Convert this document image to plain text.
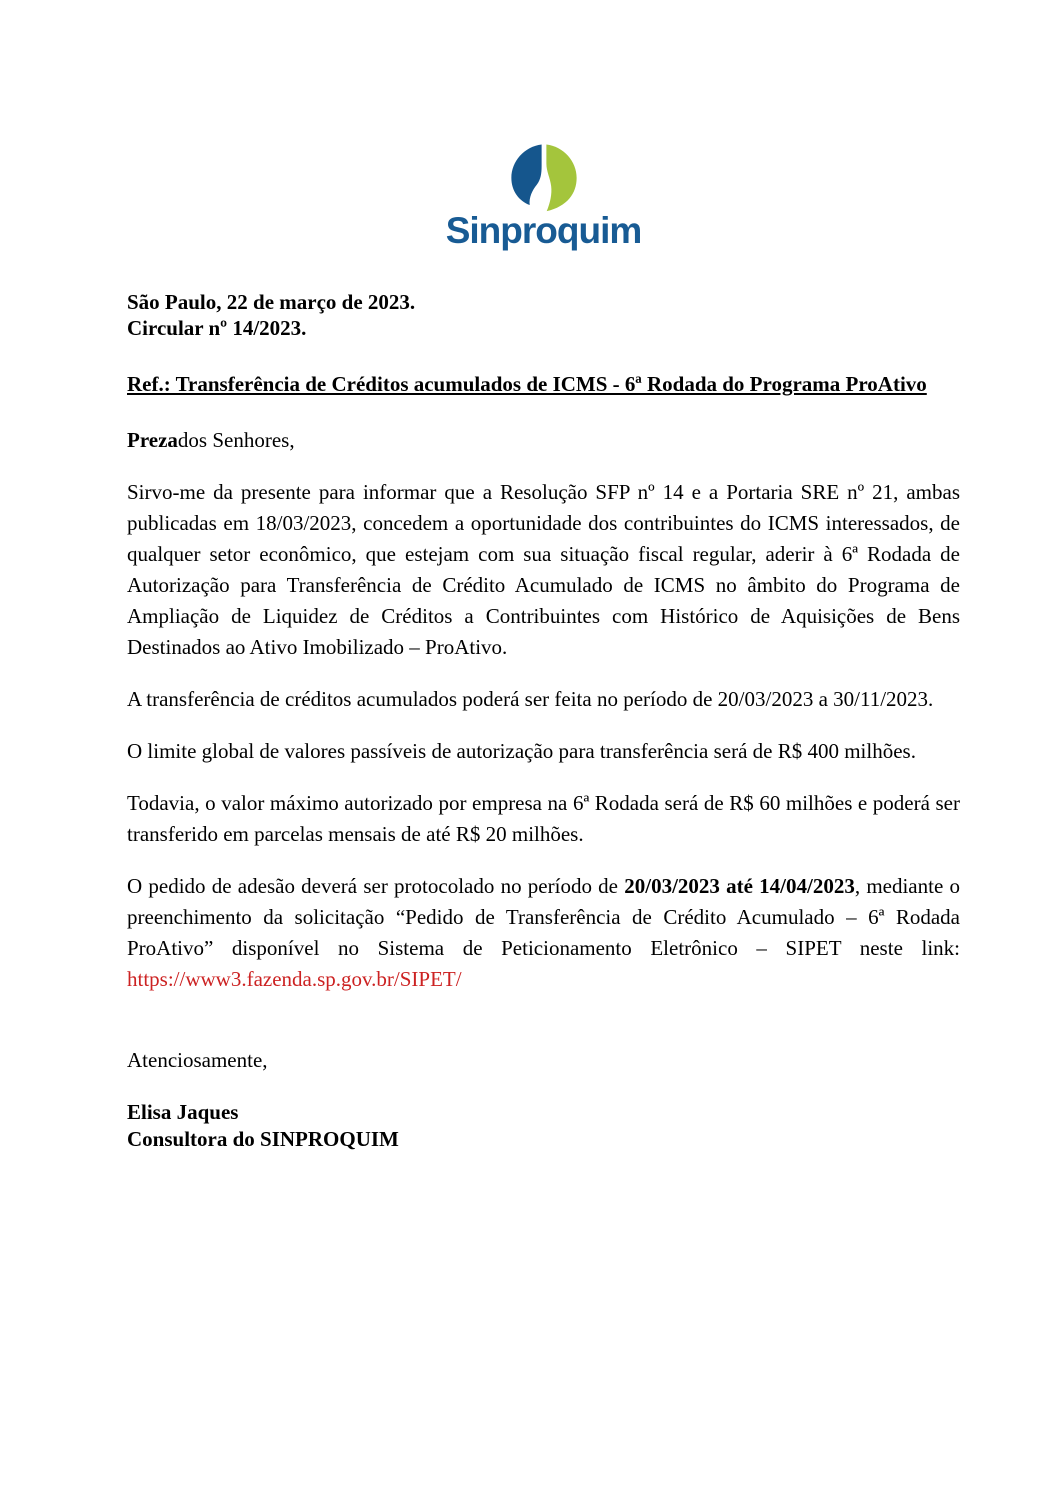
Sinproquim

São Paulo, 22 de março de 2023.

Circular nº 14/2023.

Ref.: Transferência de Créditos acumulados de ICMS - 6ª Rodada do Programa ProAtivo

Prezados Senhores,

Sirvo-me da presente para informar que a Resolução SFP nº 14 e a Portaria SRE nº 21, ambas publicadas em 18/03/2023, concedem a oportunidade dos contribuintes do ICMS interessados, de qualquer setor econômico, que estejam com sua situação fiscal regular, aderir à 6ª Rodada de Autorização para Transferência de Crédito Acumulado de ICMS no âmbito do Programa de Ampliação de Liquidez de Créditos a Contribuintes com Histórico de Aquisições de Bens Destinados ao Ativo Imobilizado – ProAtivo.

A transferência de créditos acumulados poderá ser feita no período de 20/03/2023 a 30/11/2023.

O limite global de valores passíveis de autorização para transferência será de R$ 400 milhões.

Todavia, o valor máximo autorizado por empresa na 6ª Rodada será de R$ 60 milhões e poderá ser transferido em parcelas mensais de até R$ 20 milhões.

O pedido de adesão deverá ser protocolado no período de 20/03/2023 até 14/04/2023, mediante o preenchimento da solicitação “Pedido de Transferência de Crédito Acumulado – 6ª Rodada ProAtivo” disponível no Sistema de Peticionamento Eletrônico – SIPET neste link: https://www3.fazenda.sp.gov.br/SIPET/

Atenciosamente,

Elisa Jaques

Consultora do SINPROQUIM
